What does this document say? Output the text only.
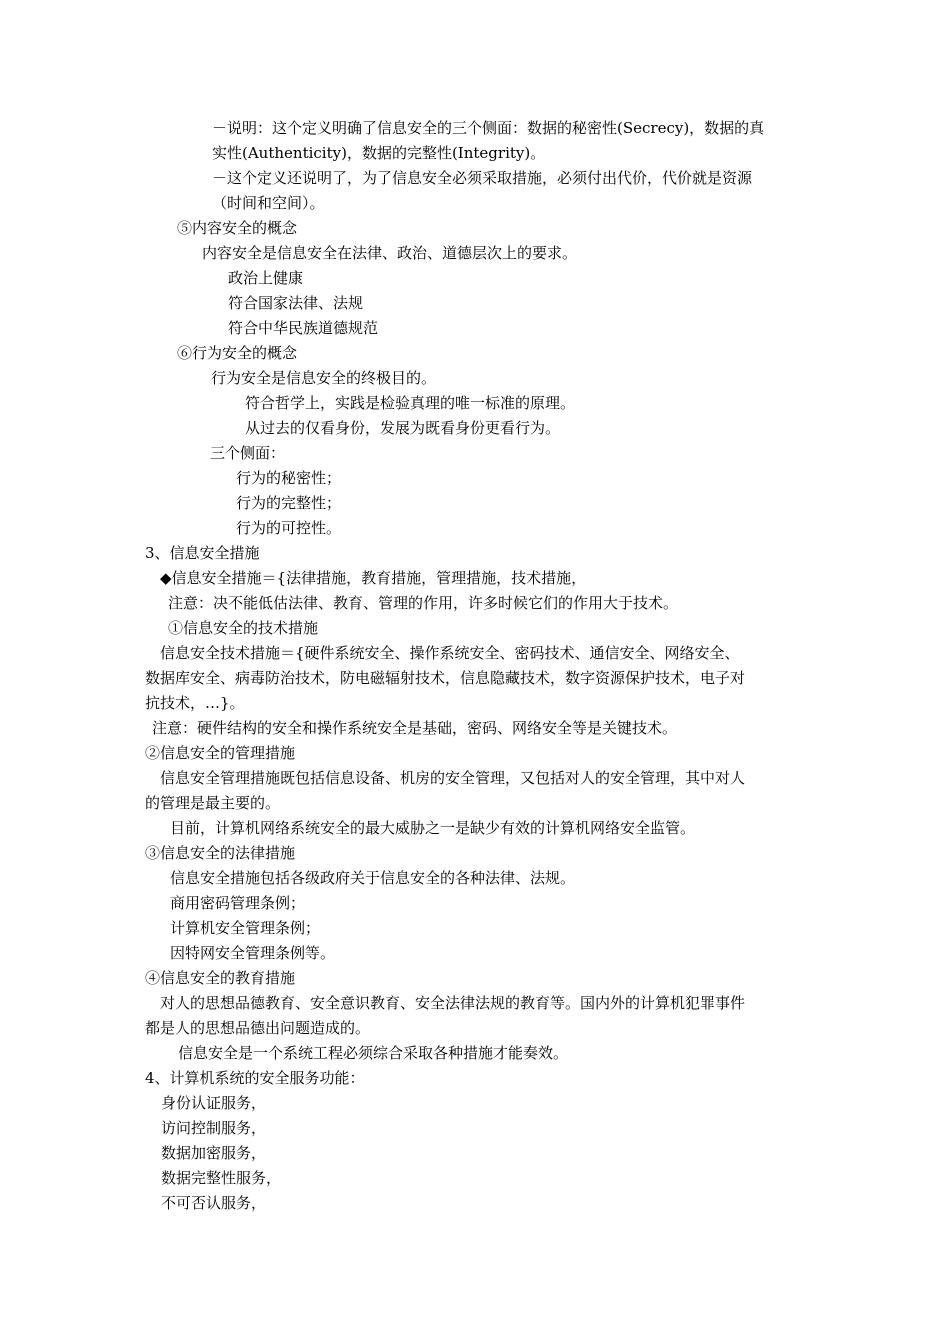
－说明：这个定义明确了信息安全的三个侧面：数据的秘密性(Secrecy)，数据的真
实性(Authenticity)，数据的完整性(Integrity)。
－这个定义还说明了，为了信息安全必须采取措施，必须付出代价，代价就是资源
（时间和空间）。
⑤内容安全的概念
内容安全是信息安全在法律、政治、道德层次上的要求。
政治上健康
符合国家法律、法规
符合中华民族道德规范
⑥行为安全的概念
行为安全是信息安全的终极目的。
符合哲学上，实践是检验真理的唯一标准的原理。
从过去的仅看身份，发展为既看身份更看行为。
三个侧面：
行为的秘密性；
行为的完整性；
行为的可控性。
3、信息安全措施
◆信息安全措施＝{法律措施，教育措施，管理措施，技术措施，
注意：决不能低估法律、教育、管理的作用，许多时候它们的作用大于技术。
①信息安全的技术措施
信息安全技术措施＝{硬件系统安全、操作系统安全、密码技术、通信安全、网络安全、
数据库安全、病毒防治技术，防电磁辐射技术，信息隐藏技术，数字资源保护技术，电子对
抗技术，…}。
注意：硬件结构的安全和操作系统安全是基础，密码、网络安全等是关键技术。
②信息安全的管理措施
信息安全管理措施既包括信息设备、机房的安全管理，又包括对人的安全管理，其中对人
的管理是最主要的。
目前，计算机网络系统安全的最大威胁之一是缺少有效的计算机网络安全监管。
③信息安全的法律措施
信息安全措施包括各级政府关于信息安全的各种法律、法规。
商用密码管理条例；
计算机安全管理条例；
因特网安全管理条例等。
④信息安全的教育措施
对人的思想品德教育、安全意识教育、安全法律法规的教育等。国内外的计算机犯罪事件
都是人的思想品德出问题造成的。
信息安全是一个系统工程必须综合采取各种措施才能奏效。
4、计算机系统的安全服务功能：
身份认证服务，
访问控制服务，
数据加密服务，
数据完整性服务，
不可否认服务，
